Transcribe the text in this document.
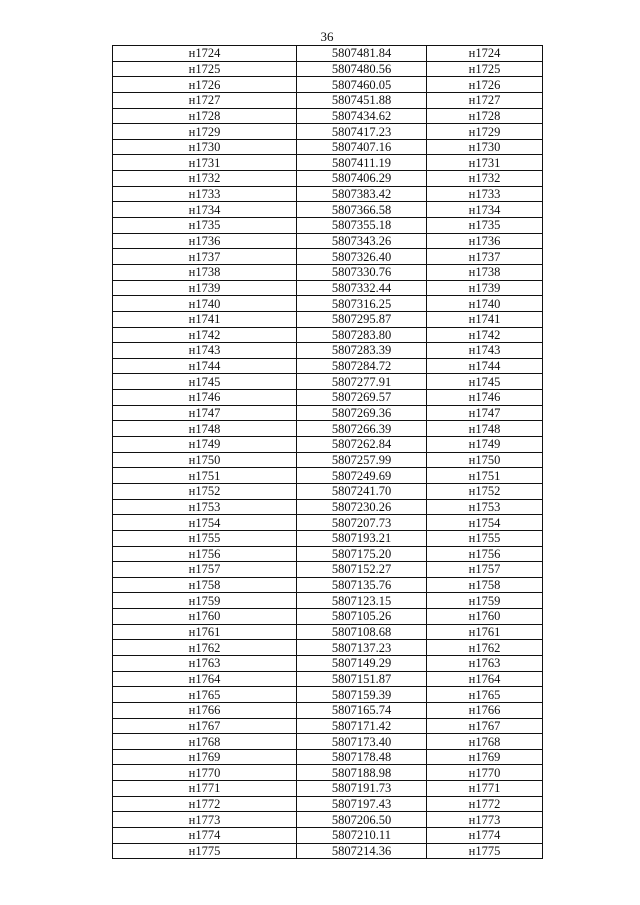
36
н1724	5807481.84	н1724
н1725	5807480.56	н1725
н1726	5807460.05	н1726
н1727	5807451.88	н1727
н1728	5807434.62	н1728
н1729	5807417.23	н1729
н1730	5807407.16	н1730
н1731	5807411.19	н1731
н1732	5807406.29	н1732
н1733	5807383.42	н1733
н1734	5807366.58	н1734
н1735	5807355.18	н1735
н1736	5807343.26	н1736
н1737	5807326.40	н1737
н1738	5807330.76	н1738
н1739	5807332.44	н1739
н1740	5807316.25	н1740
н1741	5807295.87	н1741
н1742	5807283.80	н1742
н1743	5807283.39	н1743
н1744	5807284.72	н1744
н1745	5807277.91	н1745
н1746	5807269.57	н1746
н1747	5807269.36	н1747
н1748	5807266.39	н1748
н1749	5807262.84	н1749
н1750	5807257.99	н1750
н1751	5807249.69	н1751
н1752	5807241.70	н1752
н1753	5807230.26	н1753
н1754	5807207.73	н1754
н1755	5807193.21	н1755
н1756	5807175.20	н1756
н1757	5807152.27	н1757
н1758	5807135.76	н1758
н1759	5807123.15	н1759
н1760	5807105.26	н1760
н1761	5807108.68	н1761
н1762	5807137.23	н1762
н1763	5807149.29	н1763
н1764	5807151.87	н1764
н1765	5807159.39	н1765
н1766	5807165.74	н1766
н1767	5807171.42	н1767
н1768	5807173.40	н1768
н1769	5807178.48	н1769
н1770	5807188.98	н1770
н1771	5807191.73	н1771
н1772	5807197.43	н1772
н1773	5807206.50	н1773
н1774	5807210.11	н1774
н1775	5807214.36	н1775
